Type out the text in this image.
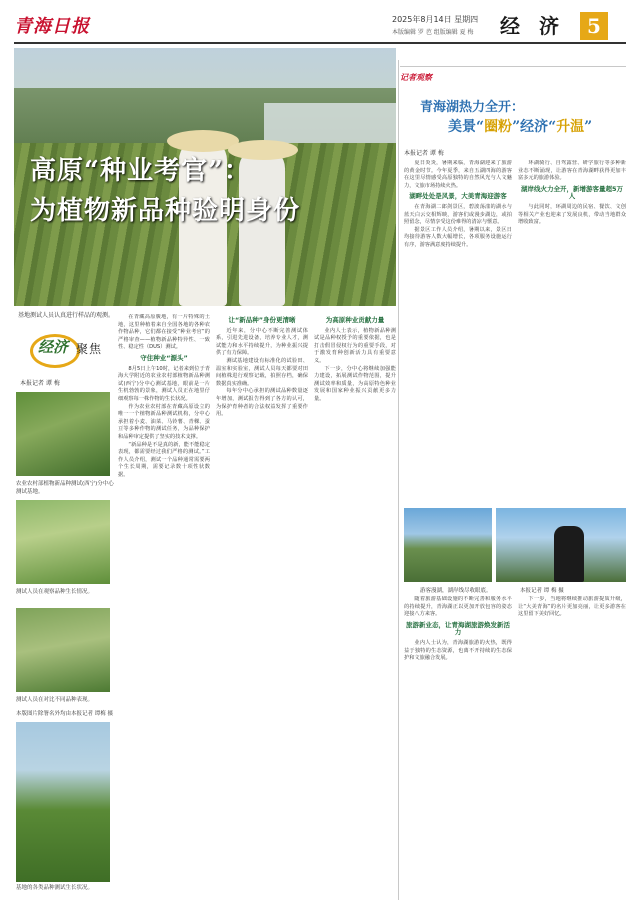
青海日报	2025年8月14日 星期四
本版编辑 罗 芭 组版编辑 夏 梅 经 济	5
高原“种业考官”：
为植物新品种验明身份
基地测试人员认真进行样品的观测。
经济 聚焦
本报记者 谭 梅
农业农村部植物新品种测试(西宁)分中心测试基地。
测试人员在观察品种生长情况。
测试人员在对比不同品种表现。
本版图片除署名外均由本报记者 谭梅 摄
基地的各类品种测试生长状况。

在青藏高原腹地，有一片特殊的土地，这里种植着来自全国各地的各种农作物品种，它们都在接受“种业考官”的严格审查——植物新品种特异性、一致性、稳定性（DUS）测试。

守住种业“源头”

8月5日上午10时，记者来到位于青海大学附近的农业农村部植物新品种测试(西宁)分中心测试基地，眼前是一片生机勃勃的景象，测试人员正在地里仔细观察每一株作物的生长状况。

作为农业农村部在青藏高原设立的唯一一个植物新品种测试机构，分中心承担着小麦、油菜、马铃薯、青稞、蚕豆等多种作物的测试任务，为品种保护和品种审定提供了坚实的技术支撑。

“新品种是不是真的新，能不能稳定表现，都需要经过我们严格的测试。”工作人员介绍，测试一个品种通常需要两个生长周期，需要记录数十项性状数据。

让“新品种”身份更清晰

近年来，分中心不断完善测试体系，引进先进设备，培养专业人才，测试能力和水平持续提升，为种业振兴提供了有力保障。

测试基地建设有标准化的试验田、温室和实验室，测试人员每天都要对田间植株进行观察记载，拍照存档，确保数据真实准确。

每年分中心承担的测试品种数量逐年增加，测试报告得到了各方的认可，为保护育种者的合法权益发挥了重要作用。

为高原种业贡献力量

业内人士表示，植物新品种测试是品种权授予的重要依据，也是打击假冒侵权行为的重要手段，对于激发育种创新活力具有重要意义。

下一步，分中心将继续加强能力建设，拓展测试作物范围，提升测试效率和质量，为高原特色种业发展和国家种业振兴贡献更多力量。

记者观察
青海湖热力全开：
美景“圈粉”经济“升温”
本报记者 谭 梅

夏日炎炎，暑期来临，青海湖迎来了旅游的黄金时节。今年夏季，来自五湖四海的游客在这里尽情感受高原独特的自然风光与人文魅力，文旅市场持续火热。

湖畔处处是风景，大美青海迎游客

在青海湖二郎剑景区，碧波荡漾的湖水与蓝天白云交相辉映，游客们或漫步湖边，或拍照留念，尽情享受这份难得的清凉与惬意。

据景区工作人员介绍，暑期以来，景区日均接待游客人数大幅增长，各项服务设施运行有序，游客满意度持续提升。

环湖骑行、自驾露营、研学旅行等多种新业态不断涌现，让游客在青海湖畔获得更加丰富多元的旅游体验。

湖岸线火力全开，新增游客量超5万人

与此同时，环湖周边的民宿、餐饮、文创等相关产业也迎来了发展良机，带动当地群众增收致富。

游客漫湖，湖岸线尽收眼底。	本报记者 谭 梅 摄

随着旅游基础设施的不断完善和服务水平的持续提升，青海湖正以更加开放包容的姿态迎接八方来客。

旅游新业态，让青海湖旅游焕发新活力

业内人士认为，青海湖旅游的火热，既得益于独特的生态资源，也离不开持续的生态保护和文旅融合发展。

下一步，当地将继续推动旅游提质升级，让“大美青海”的名片更加亮丽，让更多游客在这里留下美好回忆。
